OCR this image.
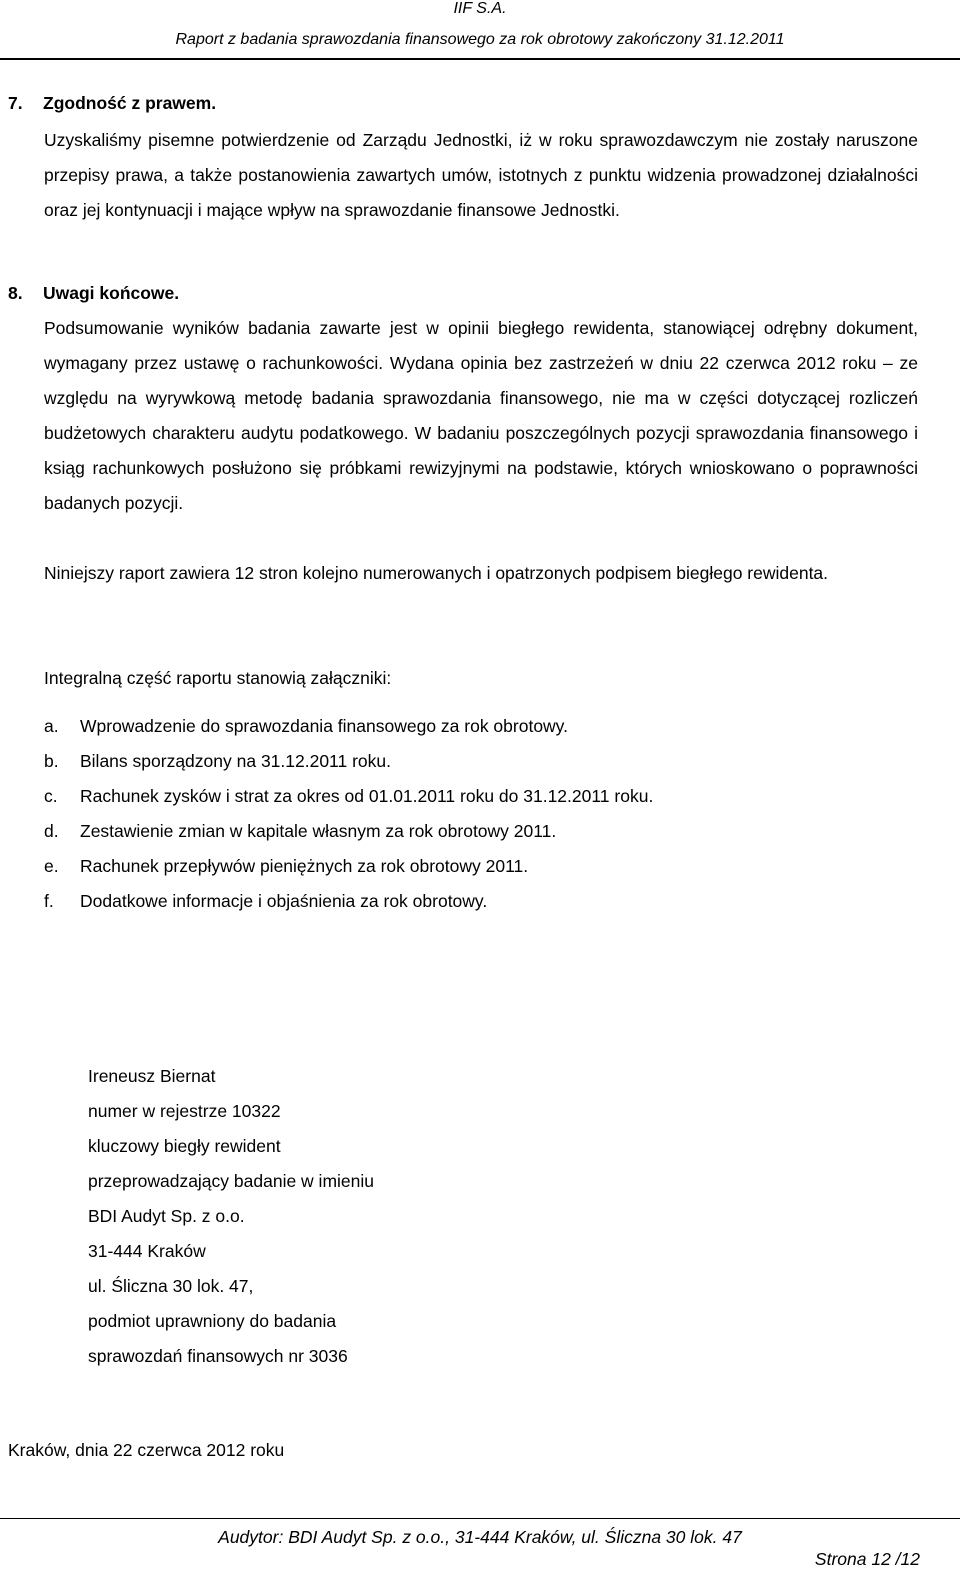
IIF S.A.
Raport z badania sprawozdania finansowego za rok obrotowy zakończony 31.12.2011
7. Zgodność z prawem.

Uzyskaliśmy pisemne potwierdzenie od Zarządu Jednostki, iż w roku sprawozdawczym nie zostały naruszone przepisy prawa, a także postanowienia zawartych umów, istotnych z punktu widzenia prowadzonej działalności oraz jej kontynuacji i mające wpływ na sprawozdanie finansowe Jednostki.

8. Uwagi końcowe.

Podsumowanie wyników badania zawarte jest w opinii biegłego rewidenta, stanowiącej odrębny dokument, wymagany przez ustawę o rachunkowości. Wydana opinia bez zastrzeżeń w dniu 22 czerwca 2012 roku – ze względu na wyrywkową metodę badania sprawozdania finansowego, nie ma w części dotyczącej rozliczeń budżetowych charakteru audytu podatkowego. W badaniu poszczególnych pozycji sprawozdania finansowego i ksiąg rachunkowych posłużono się próbkami rewizyjnymi na podstawie, których wnioskowano o poprawności badanych pozycji.

Niniejszy raport zawiera 12 stron kolejno numerowanych i opatrzonych podpisem biegłego rewidenta.

Integralną część raportu stanowią załączniki:

a.	Wprowadzenie do sprawozdania finansowego za rok obrotowy.
b.	Bilans sporządzony na 31.12.2011 roku.
c.	Rachunek zysków i strat za okres od 01.01.2011 roku do 31.12.2011 roku.
d.	Zestawienie zmian w kapitale własnym za rok obrotowy 2011.
e.	Rachunek przepływów pieniężnych za rok obrotowy 2011.
f.	Dodatkowe informacje i objaśnienia za rok obrotowy.
Ireneusz Biernat
numer w rejestrze 10322
kluczowy biegły rewident
przeprowadzający badanie w imieniu
BDI Audyt Sp. z o.o.
31-444 Kraków
ul. Śliczna 30 lok. 47,
podmiot uprawniony do badania
sprawozdań finansowych nr 3036
Kraków, dnia 22 czerwca 2012 roku
Audytor: BDI Audyt Sp. z o.o., 31-444 Kraków, ul. Śliczna 30 lok. 47
Strona 12 /12
